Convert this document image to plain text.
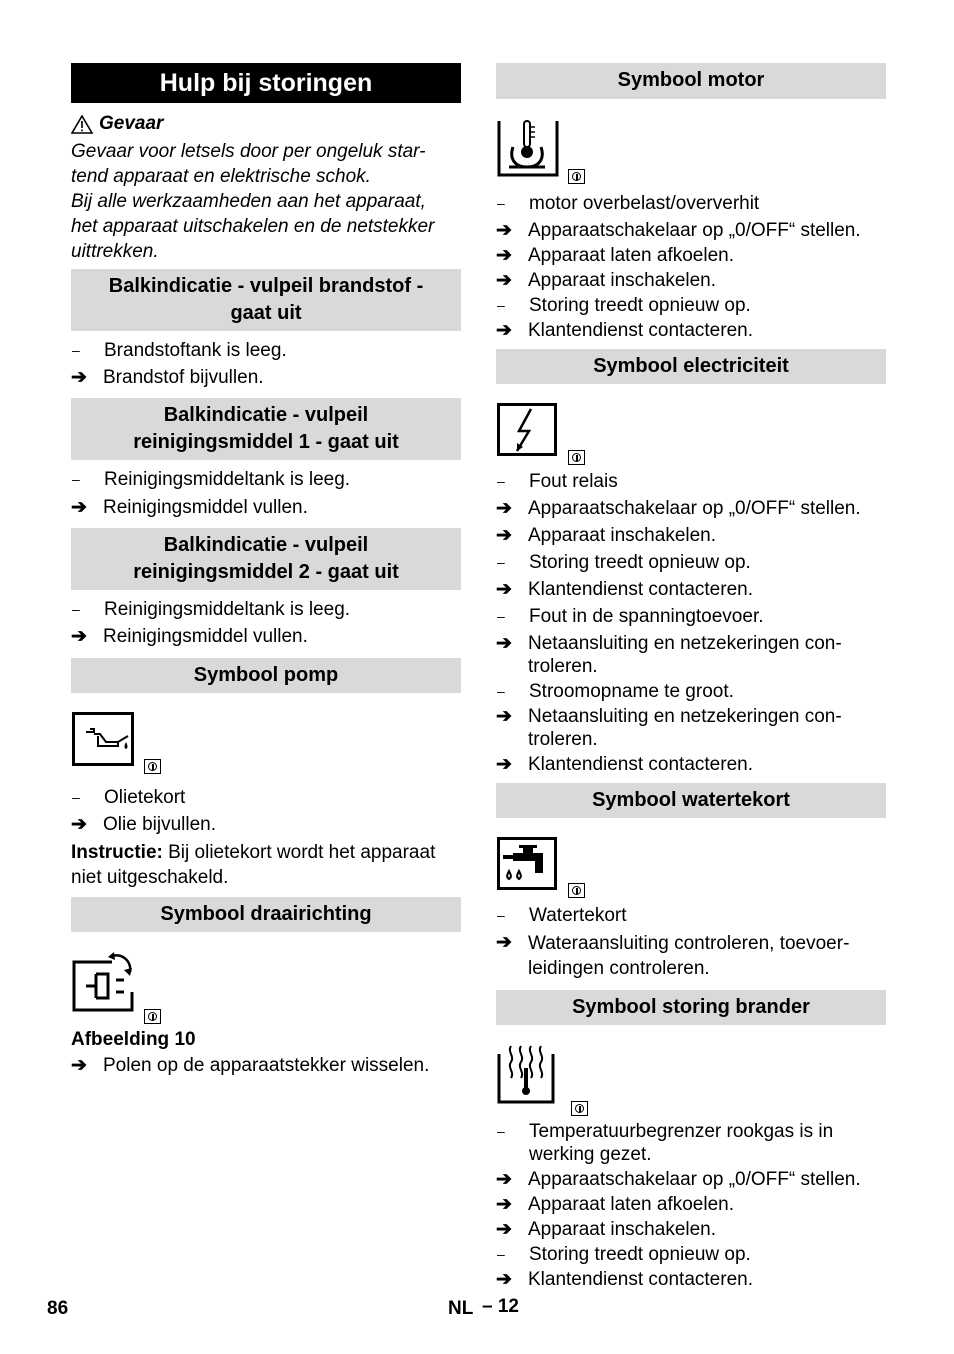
Hulp bij storingen
Gevaar
Gevaar voor letsels door per ongeluk star-
tend apparaat en elektrische schok.
Bij alle werkzaamheden aan het apparaat,
het apparaat uitschakelen en de netstekker
uittrekken.
Balkindicatie - vulpeil brandstof -
gaat uit
–	Brandstoftank is leeg.
➔ Brandstof bijvullen.
Balkindicatie - vulpeil
reinigingsmiddel 1 - gaat uit
–	Reinigingsmiddeltank is leeg.
➔ Reinigingsmiddel vullen.
Balkindicatie - vulpeil
reinigingsmiddel 2 - gaat uit
–	Reinigingsmiddeltank is leeg.
➔ Reinigingsmiddel vullen.
Symbool pomp
–	Olietekort
➔ Olie bijvullen.
Instructie: Bij olietekort wordt het apparaat
niet uitgeschakeld.
Symbool draairichting
Afbeelding 10
➔ Polen op de apparaatstekker wisselen.
Symbool motor
–	motor overbelast/oververhit
➔ Apparaatschakelaar op „0/OFF“ stellen.
➔ Apparaat laten afkoelen.
➔ Apparaat inschakelen.
–	Storing treedt opnieuw op.
➔ Klantendienst contacteren.
Symbool electriciteit
–	Fout relais
➔ Apparaatschakelaar op „0/OFF“ stellen.
➔ Apparaat inschakelen.
–	Storing treedt opnieuw op.
➔ Klantendienst contacteren.
–	Fout in de spanningtoevoer.
➔ Netaansluiting en netzekeringen con-
troleren.
–	Stroomopname te groot.
➔ Netaansluiting en netzekeringen con-
troleren.
➔ Klantendienst contacteren.
Symbool watertekort
–	Watertekort
➔ Wateraansluiting controleren, toevoer-
leidingen controleren.
Symbool storing brander
–	Temperatuurbegrenzer rookgas is in
werking gezet.
➔ Apparaatschakelaar op „0/OFF“ stellen.
➔ Apparaat laten afkoelen.
➔ Apparaat inschakelen.
–	Storing treedt opnieuw op.
➔ Klantendienst contacteren.
86	NL – 12
